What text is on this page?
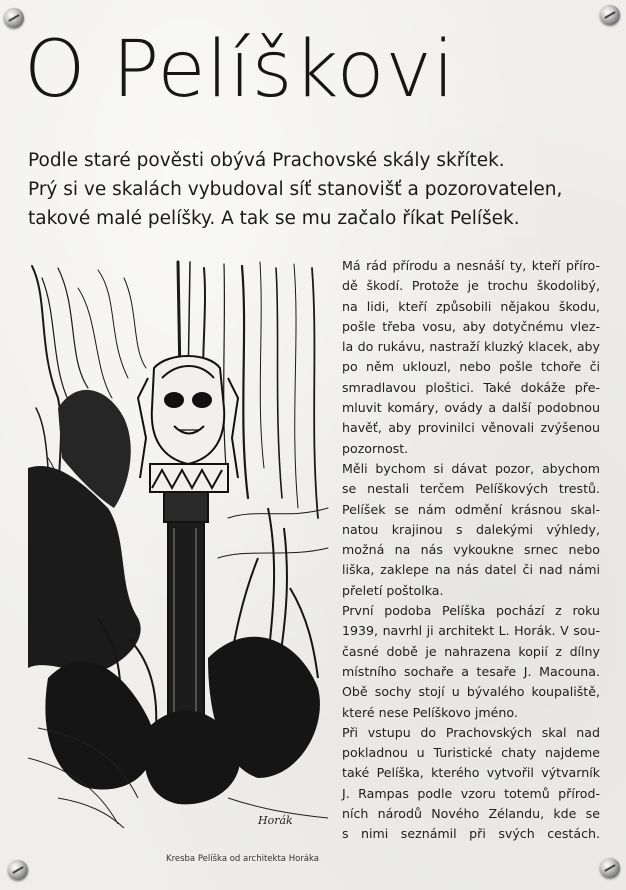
O Pelíškovi
Podle staré pověsti obývá Prachovské skály skřítek.
Prý si ve skalách vybudoval síť stanovišť a pozorovatelen,
takové malé pelíšky. A tak se mu začalo říkat Pelíšek.
Horák
Kresba Pelíška od architekta Horáka
Má rád přírodu a nesnáší ty, kteří příro-
dě škodí. Protože je trochu škodolibý,
na lidi, kteří způsobili nějakou škodu,
pošle třeba vosu, aby dotyčnému vlez-
la do rukávu, nastraží kluzký klacek, aby
po něm uklouzl, nebo pošle tchoře či
smradlavou ploštici. Také dokáže pře-
mluvit komáry, ovády a další podobnou
havěť, aby provinilci věnovali zvýšenou
pozornost.
Měli bychom si dávat pozor, abychom
se nestali terčem Pelíškových trestů.
Pelíšek se nám odmění krásnou skal-
natou krajinou s dalekými výhledy,
možná na nás vykoukne srnec nebo
liška, zaklepe na nás datel či nad námi
přeletí poštolka.
První podoba Pelíška pochází z roku
1939, navrhl ji architekt L. Horák. V sou-
časné době je nahrazena kopií z dílny
místního sochaře a tesaře J. Macouna.
Obě sochy stojí u bývalého koupaliště,
které nese Pelíškovo jméno.
Při vstupu do Prachovských skal nad
pokladnou u Turistické chaty najdeme
také Pelíška, kterého vytvořil výtvarník
J. Rampas podle vzoru totemů přírod-
ních národů Nového Zélandu, kde se
s nimi seznámil při svých cestách.
